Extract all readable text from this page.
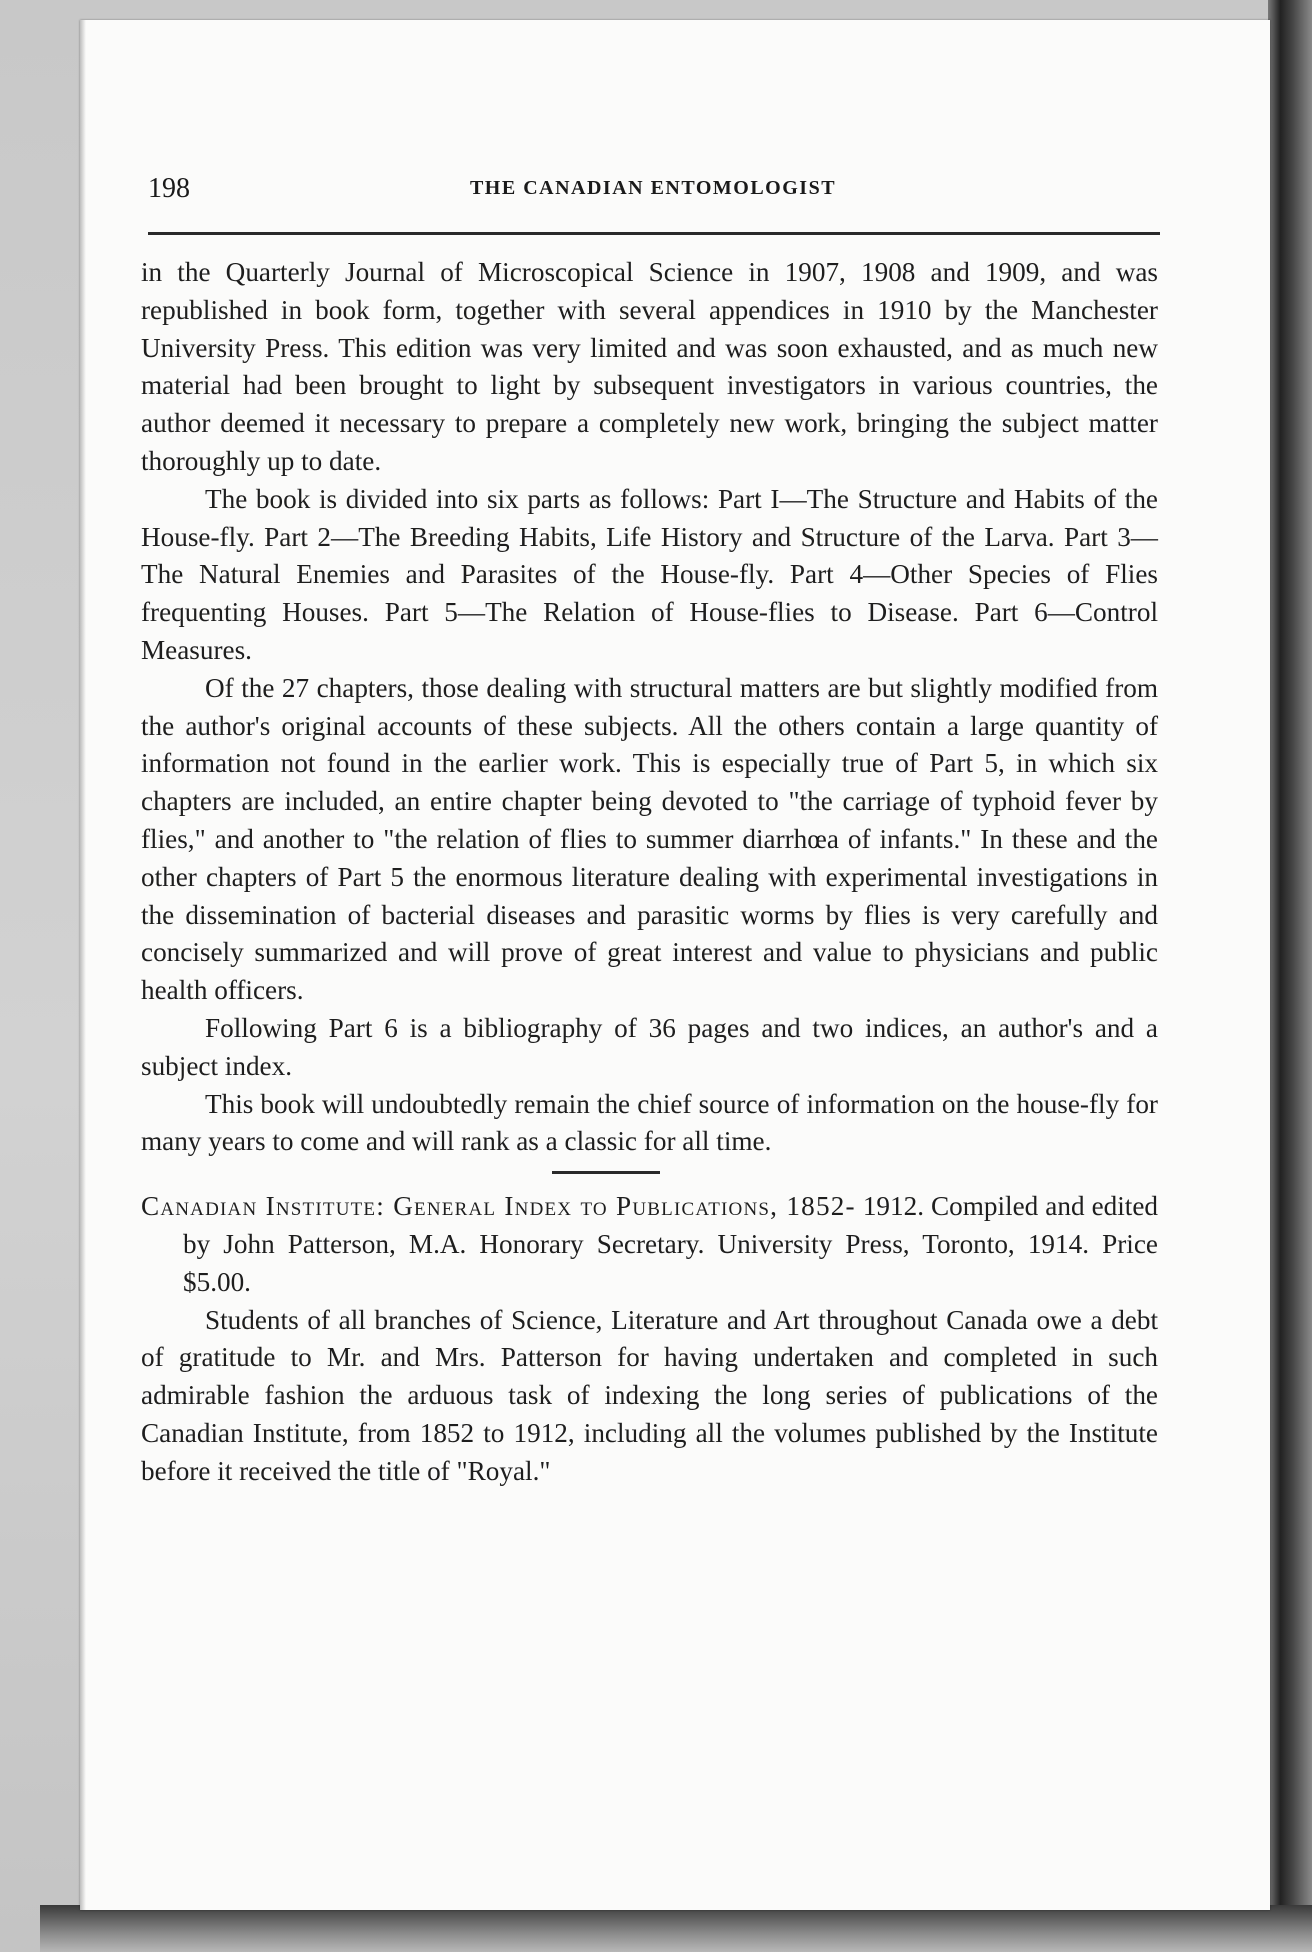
198	THE CANADIAN ENTOMOLOGIST

in the Quarterly Journal of Microscopical Science in 1907, 1908 and 1909, and was republished in book form, together with several appendices in 1910 by the Manchester University Press. This edition was very limited and was soon exhausted, and as much new material had been brought to light by subsequent investigators in various countries, the author deemed it necessary to prepare a completely new work, bringing the subject matter thoroughly up to date.

The book is divided into six parts as follows: Part I—The Structure and Habits of the House-fly. Part 2—The Breeding Habits, Life History and Structure of the Larva. Part 3—The Natural Enemies and Parasites of the House-fly. Part 4—Other Species of Flies frequenting Houses. Part 5—The Relation of House-flies to Disease. Part 6—Control Measures.

Of the 27 chapters, those dealing with structural matters are but slightly modified from the author's original accounts of these subjects. All the others contain a large quantity of information not found in the earlier work. This is especially true of Part 5, in which six chapters are included, an entire chapter being devoted to "the carriage of typhoid fever by flies," and another to "the relation of flies to summer diarrhœa of infants." In these and the other chapters of Part 5 the enormous literature dealing with experimental investigations in the dissemination of bacterial diseases and parasitic worms by flies is very carefully and concisely summarized and will prove of great interest and value to physicians and public health officers.

Following Part 6 is a bibliography of 36 pages and two indices, an author's and a subject index.

This book will undoubtedly remain the chief source of information on the house-fly for many years to come and will rank as a classic for all time.

Canadian Institute: General Index to Publications, 1852- 1912. Compiled and edited by John Patterson, M.A. Honorary Secretary. University Press, Toronto, 1914. Price $5.00.

Students of all branches of Science, Literature and Art throughout Canada owe a debt of gratitude to Mr. and Mrs. Patterson for having undertaken and completed in such admirable fashion the arduous task of indexing the long series of publications of the Canadian Institute, from 1852 to 1912, including all the volumes published by the Institute before it received the title of "Royal."
